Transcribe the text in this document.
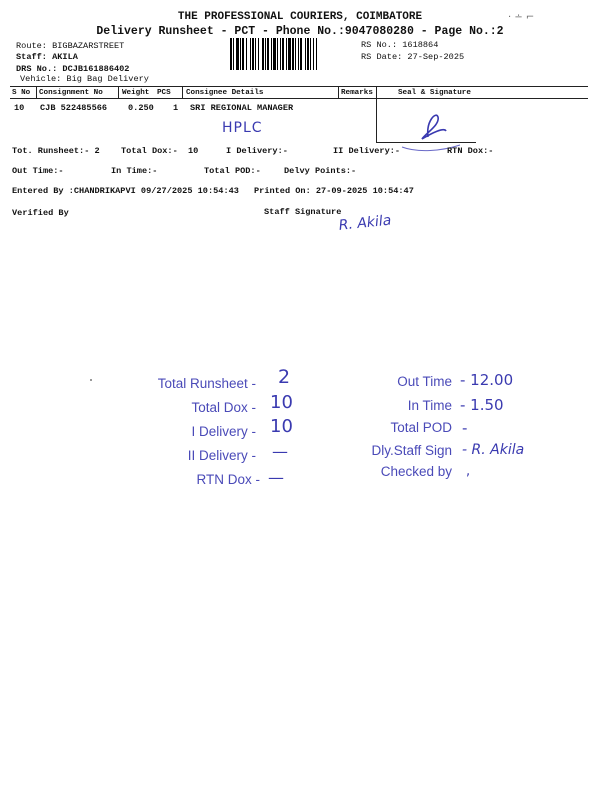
THE PROFESSIONAL COURIERS, COIMBATORE
Delivery Runsheet - PCT - Phone No.:9047080280 - Page No.:2
· ∸ ⌐
Route: BIGBAZARSTREET
Staff: AKILA
DRS No.: DCJB161886402
Vehicle: Big Bag Delivery
RS No.: 1618864
RS Date: 27-Sep-2025
S No Consignment No	Weight PCS Consignee Details	Remarks	Seal & Signature
10 CJB 522485566 0.250 1 SRI REGIONAL MANAGER
HPLC
Tot. Runsheet:- 2 Total Dox:- 10	I Delivery:-	II Delivery:-	RTN Dox:-
Out Time:-	In Time:-	Total POD:-	Delvy Points:-
Entered By :CHANDRIKAPVI 09/27/2025 10:54:43 Printed On: 27-09-2025 10:54:47
Verified By	Staff Signature
R. Akila
Total Runsheet - 2
Total Dox - 10
I Delivery - 10
II Delivery - —
RTN Dox - —
Out Time - 12.00
In Time - 1.50
Total POD -
Dly.Staff Sign - R. Akila
Checked by ,
